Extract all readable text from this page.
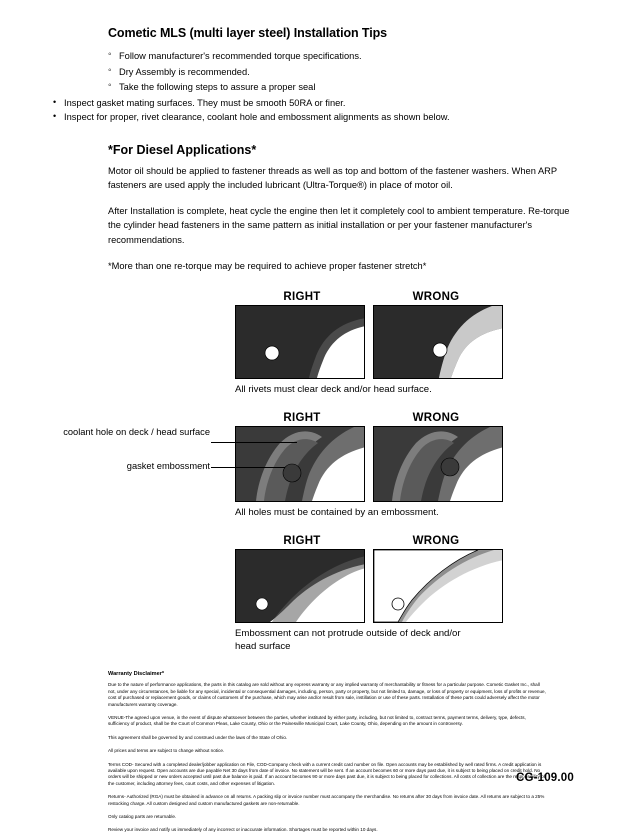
Cometic MLS (multi layer steel) Installation Tips
◦ Follow manufacturer's recommended torque specifications.
◦ Dry Assembly is recommended.
◦ Take the following steps to assure a proper seal
• Inspect gasket mating surfaces. They must be smooth 50RA or finer.
• Inspect for proper, rivet clearance, coolant hole and embossment alignments as shown below.
*For Diesel Applications*

Motor oil should be applied to fastener threads as well as top and bottom of the fastener washers. When ARP fasteners are used apply the included lubricant (Ultra-Torque®) in place of motor oil.

After Installation is complete, heat cycle the engine then let it completely cool to ambient temperature. Re-torque the cylinder head fasteners in the same pattern as initial installation or per your fastener manufacturer's recommendations.

*More than one re-torque may be required to achieve proper fastener stretch*

RIGHT	WRONG
All rivets must clear deck and/or head surface.
RIGHT	WRONG
All holes must be contained by an embossment.
coolant hole on deck / head surface
gasket embossment
RIGHT	WRONG
Embossment can not protrude outside of deck and/or head surface
Warranty Disclaimer*

Due to the nature of performance applications, the parts in this catalog are sold without any express warranty or any implied warranty of merchantability or fitness for a particular purpose. Cometic Gasket Inc., shall not, under any circumstances, be liable for any special, incidental or consequential damages, including, person, party or property, but not limited to, damage, or loss of property or equipment, loss of profits or revenue, cost of purchased or replacement goods, or claims of customers of the purchase, which may arise and/or result from sale, instillation or use of these parts. Installation of these parts could adversely affect the motor manufacturers warranty coverage.

VENUE-The agreed upon venue, in the event of dispute whatsoever between the parties, whether instituted by either party, including, but not limited to, contract terms, payment terms, delivery, type, defects, sufficiency of product, shall be the Court of Common Pleas, Lake County, Ohio or the Painesville Municipal Court, Lake County, Ohio, depending on the amount in controversy.

This agreement shall be governed by and construed under the laws of the State of Ohio.

All prices and terms are subject to change without notice.

Terms COD- Secured with a completed dealer/jobber application on File, COD-Company check with a current credit card number on file. Open accounts may be established by well rated firms. A credit application is available upon request. Open accounts are due payable Net 30 days from date of invoice. No statement will be sent. If an account becomes 60 or more days past due, it is subject to being placed on credit hold. No orders will be shipped or new orders accepted until past due balance is paid. If an account becomes 90 or more days past due, it is subject to being placed for collections. All costs of collection are the responsibility of the customer, including attorney fees, court costs, and other expenses of litigation.

Returns- Authorized (RGA) must be obtained in advance on all returns. A packing slip or invoice number must accompany the merchandise. No returns after 30 days from invoice date. All returns are subject to a 25% restocking charge. All custom designed and custom manufactured gaskets are non-returnable.

Only catalog parts are returnable.

Review your invoice and notify us immediately of any incorrect or inaccurate information. Shortages must be reported within 10 days.

CG-109.00
